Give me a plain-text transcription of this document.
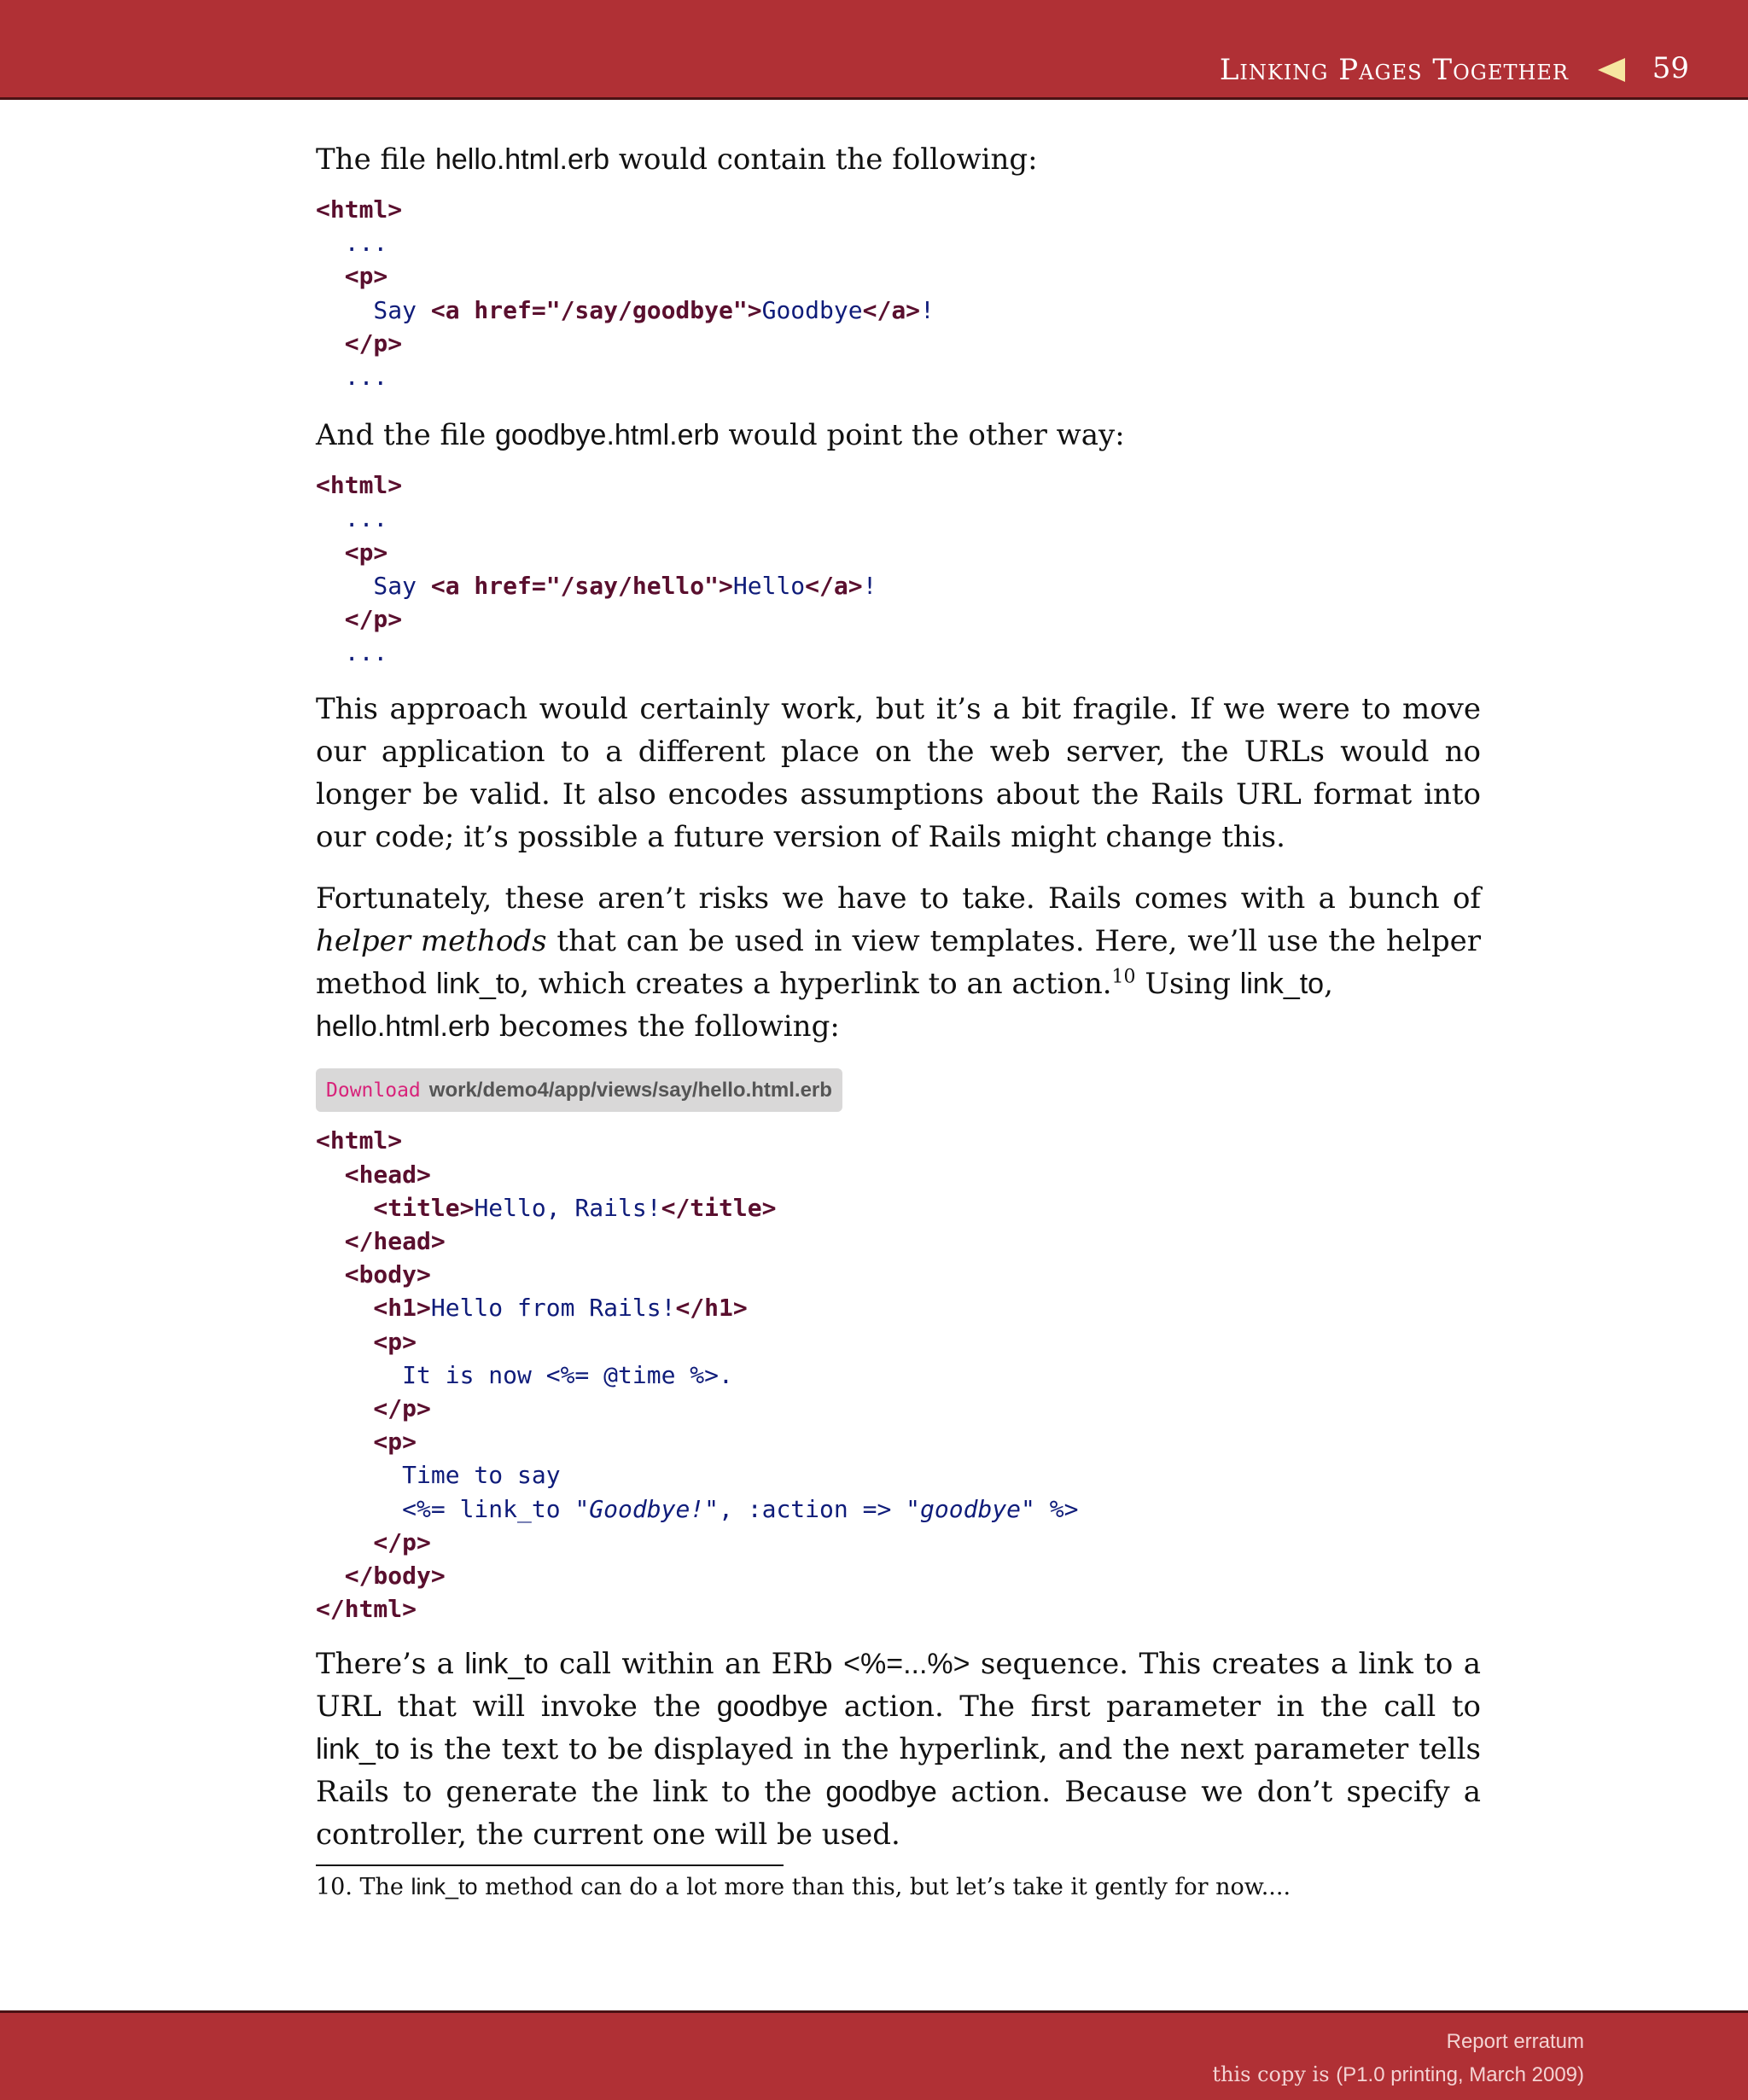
Linking Pages Together	59

The file hello.html.erb would contain the following:

<html>
...
<p>
Say <a href="/say/goodbye">Goodbye</a>!
</p>
...

And the file goodbye.html.erb would point the other way:

<html>
...
<p>
Say <a href="/say/hello">Hello</a>!
</p>
...

This approach would certainly work, but it’s a bit fragile. If we were to move our application to a different place on the web server, the URLs would no longer be valid. It also encodes assumptions about the Rails URL format into our code; it’s possible a future version of Rails might change this.

Fortunately, these aren’t risks we have to take. Rails comes with a bunch of helper methods that can be used in view templates. Here, we’ll use the helper method link_to, which creates a hyperlink to an action.$^{10}$ Using link_to,
hello.html.erb becomes the following:

Download work/demo4/app/views/say/hello.html.erb
<html>
<head>
<title>Hello, Rails!</title>
</head>
<body>
<h1>Hello from Rails!</h1>
<p>
It is now <%= @time %>.
</p>
<p>
Time to say
<%= link_to "Goodbye!", :action => "goodbye" %>
</p>
</body>
</html>

There’s a link_to call within an ERb <%=...%> sequence. This creates a link to a URL that will invoke the goodbye action. The first parameter in the call to link_to is the text to be displayed in the hyperlink, and the next parameter tells Rails to generate the link to the goodbye action. Because we don’t specify a controller, the current one will be used.

10. The link_to method can do a lot more than this, but let’s take it gently for now....

Report erratum
this copy is (P1.0 printing, March 2009)
